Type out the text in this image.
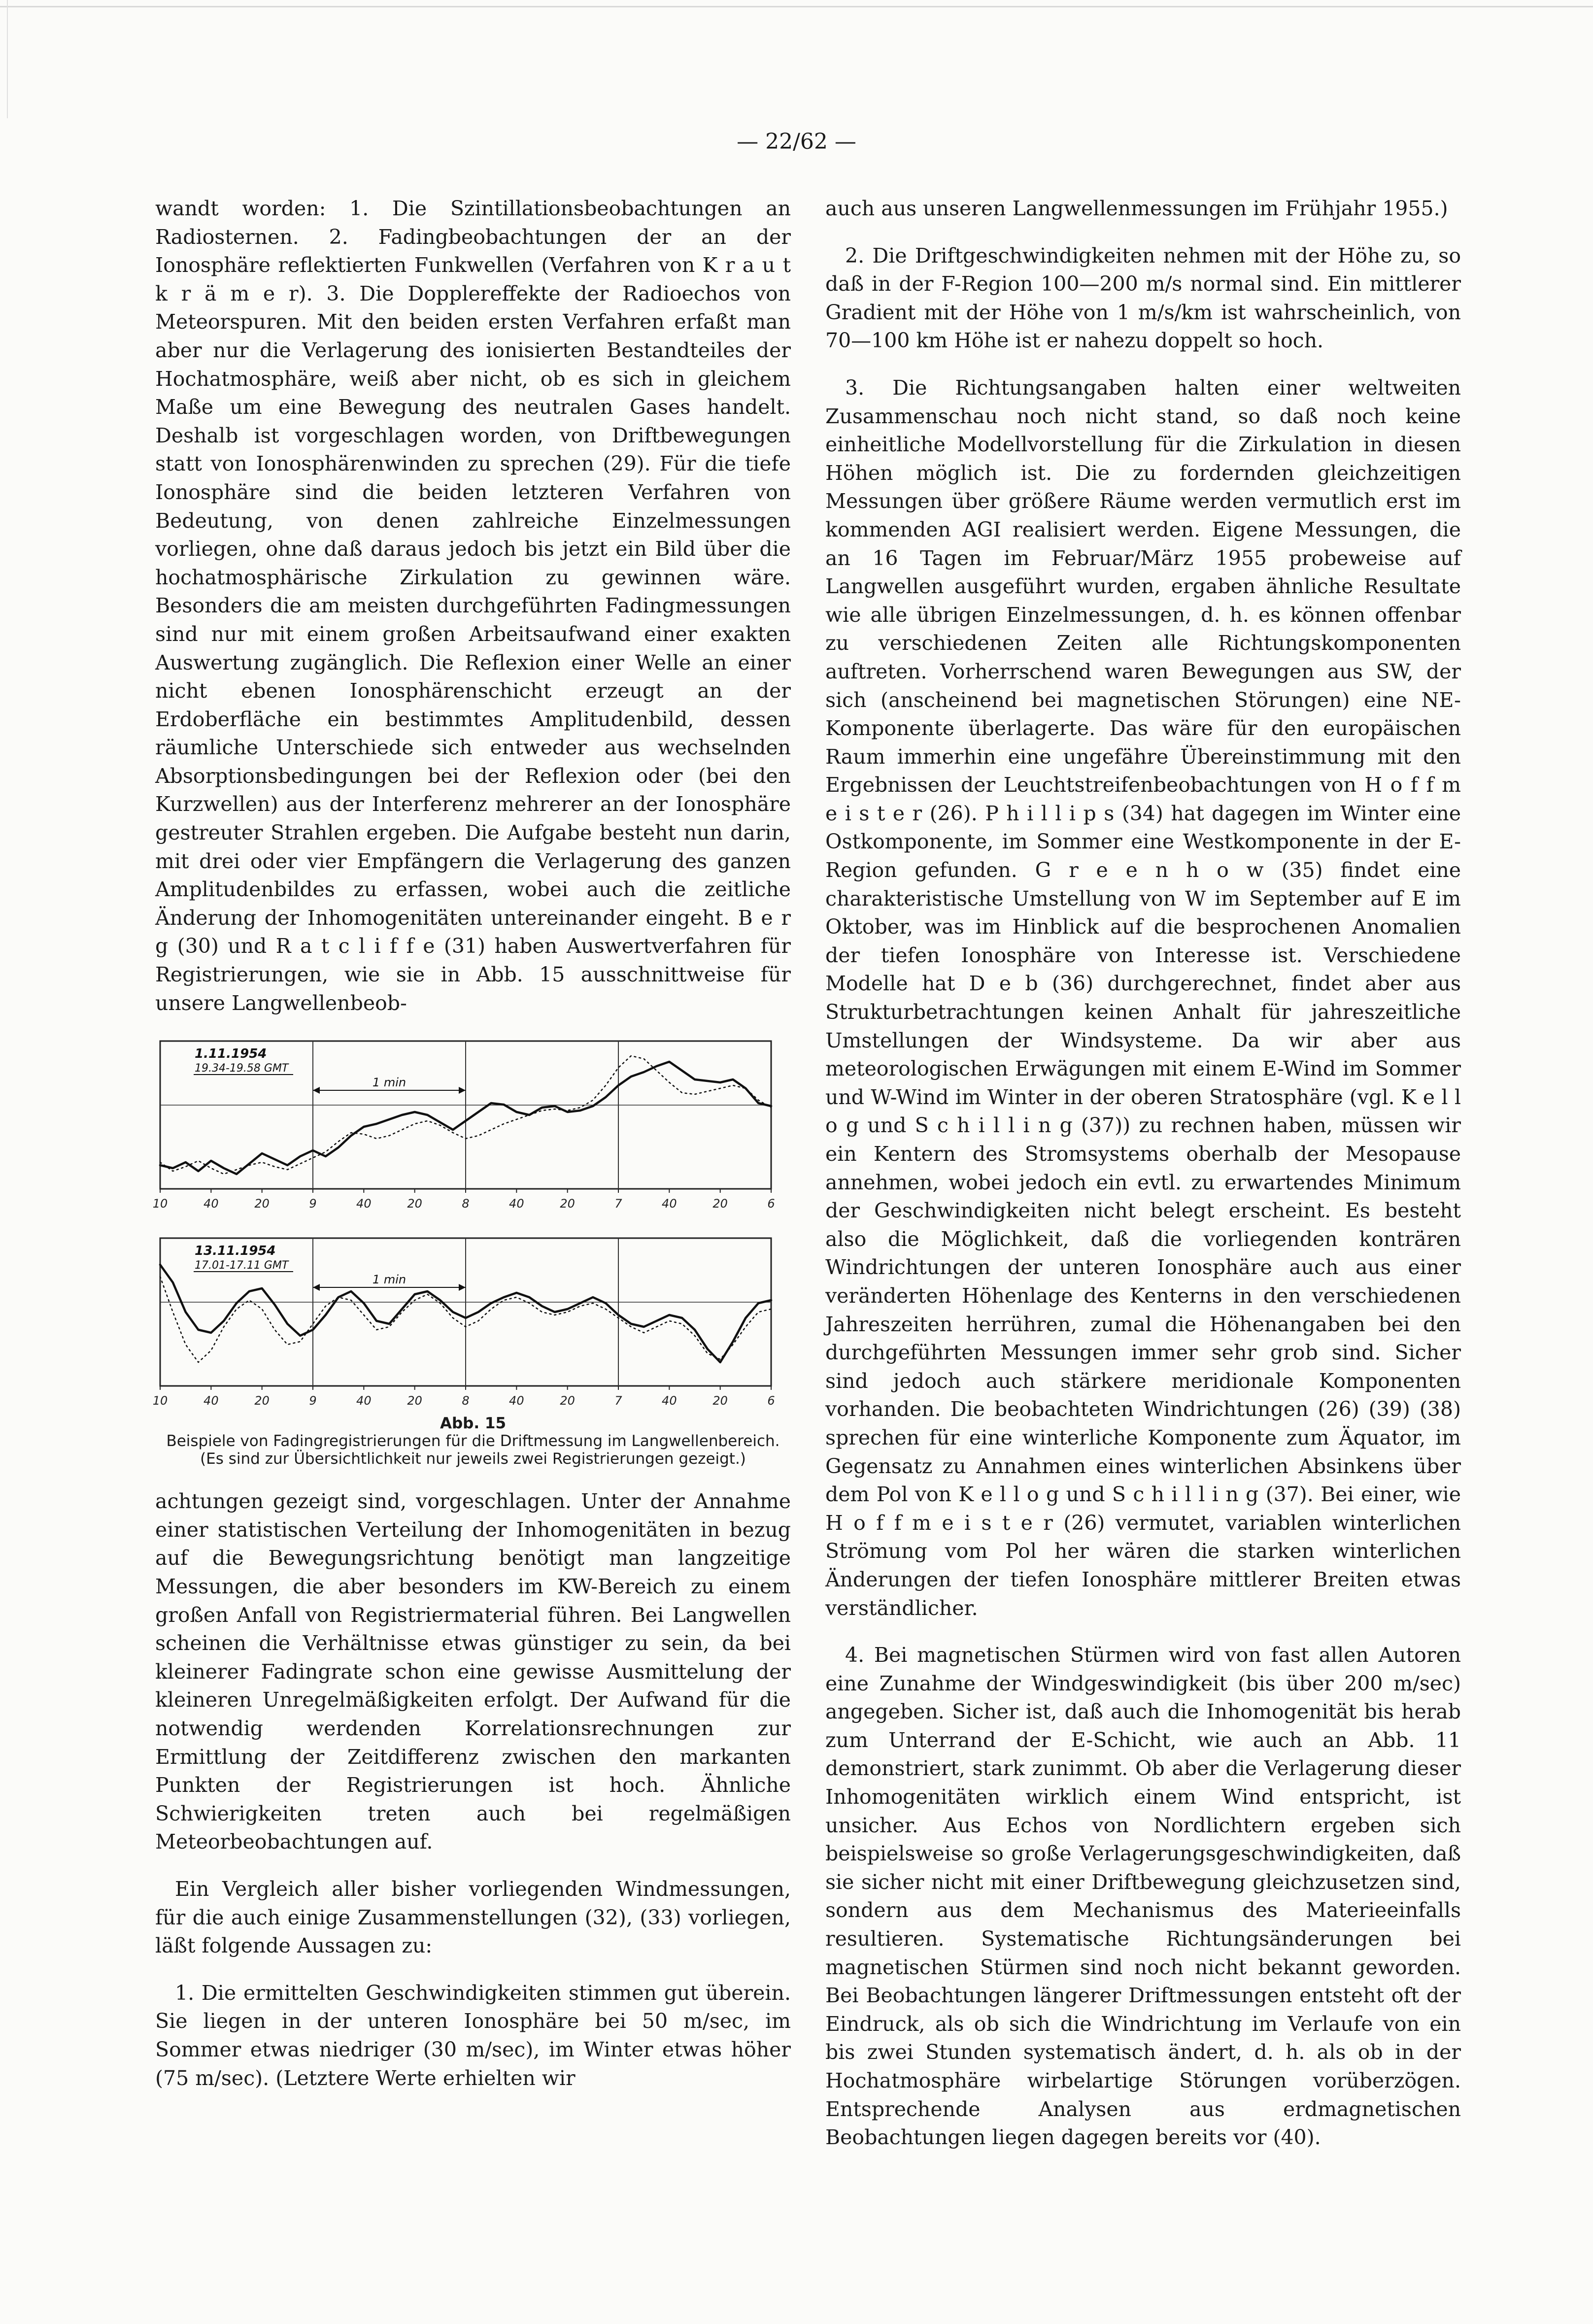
— 22/62 —

wandt worden: 1. Die Szintillationsbeobachtungen an Radiosternen. 2. Fadingbeobachtungen der an der Ionosphäre reflektierten Funkwellen (Verfahren von K r a u t k r ä m e r). 3. Die Dopplereffekte der Radioechos von Meteorspuren. Mit den beiden ersten Verfahren erfaßt man aber nur die Verlagerung des ionisierten Bestandteiles der Hochatmosphäre, weiß aber nicht, ob es sich in gleichem Maße um eine Bewegung des neutralen Gases handelt. Deshalb ist vorgeschlagen worden, von Driftbewegungen statt von Ionosphärenwinden zu sprechen (29). Für die tiefe Ionosphäre sind die beiden letzteren Verfahren von Bedeutung, von denen zahlreiche Einzelmessungen vorliegen, ohne daß daraus jedoch bis jetzt ein Bild über die hochatmosphärische Zirkulation zu gewinnen wäre. Besonders die am meisten durchgeführten Fadingmessungen sind nur mit einem großen Arbeitsaufwand einer exakten Auswertung zugänglich. Die Reflexion einer Welle an einer nicht ebenen Ionosphärenschicht erzeugt an der Erdoberfläche ein bestimmtes Amplitudenbild, dessen räumliche Unterschiede sich entweder aus wechselnden Absorptionsbedingungen bei der Reflexion oder (bei den Kurzwellen) aus der Interferenz mehrerer an der Ionosphäre gestreuter Strahlen ergeben. Die Aufgabe besteht nun darin, mit drei oder vier Empfängern die Verlagerung des ganzen Amplitudenbildes zu erfassen, wobei auch die zeitliche Änderung der Inhomogenitäten untereinander eingeht. B e r g (30) und R a t c l i f f e (31) haben Auswertverfahren für Registrierungen, wie sie in Abb. 15 ausschnittweise für unsere Langwellenbeob-

10	40	20	9	40	20	8	40	20	7	40	20	6
1.11.1954
19.34-19.58 GMT
1 min
10	40	20	9	40	20	8	40	20	7	40	20	6
13.11.1954
17.01-17.11 GMT
1 min
Abb. 15
Beispiele von Fadingregistrierungen für die Driftmessung im Langwellenbereich. (Es sind zur Übersichtlichkeit nur jeweils zwei Registrierungen gezeigt.)

achtungen gezeigt sind, vorgeschlagen. Unter der Annahme einer statistischen Verteilung der Inhomogenitäten in bezug auf die Bewegungsrichtung benötigt man langzeitige Messungen, die aber besonders im KW-Bereich zu einem großen Anfall von Registriermaterial führen. Bei Langwellen scheinen die Verhältnisse etwas günstiger zu sein, da bei kleinerer Fadingrate schon eine gewisse Ausmittelung der kleineren Unregelmäßigkeiten erfolgt. Der Aufwand für die notwendig werdenden Korrelationsrechnungen zur Ermittlung der Zeitdifferenz zwischen den markanten Punkten der Registrierungen ist hoch. Ähnliche Schwierigkeiten treten auch bei regelmäßigen Meteorbeobachtungen auf.

Ein Vergleich aller bisher vorliegenden Windmessungen, für die auch einige Zusammenstellungen (32), (33) vorliegen, läßt folgende Aussagen zu:

1. Die ermittelten Geschwindigkeiten stimmen gut überein. Sie liegen in der unteren Ionosphäre bei 50 m/sec, im Sommer etwas niedriger (30 m/sec), im Winter etwas höher (75 m/sec). (Letztere Werte erhielten wir

auch aus unseren Langwellenmessungen im Frühjahr 1955.)

2. Die Driftgeschwindigkeiten nehmen mit der Höhe zu, so daß in der F-Region 100—200 m/s normal sind. Ein mittlerer Gradient mit der Höhe von 1 m/s/km ist wahrscheinlich, von 70—100 km Höhe ist er nahezu doppelt so hoch.

3. Die Richtungsangaben halten einer weltweiten Zusammenschau noch nicht stand, so daß noch keine einheitliche Modellvorstellung für die Zirkulation in diesen Höhen möglich ist. Die zu fordernden gleichzeitigen Messungen über größere Räume werden vermutlich erst im kommenden AGI realisiert werden. Eigene Messungen, die an 16 Tagen im Februar/März 1955 probeweise auf Langwellen ausgeführt wurden, ergaben ähnliche Resultate wie alle übrigen Einzelmessungen, d. h. es können offenbar zu verschiedenen Zeiten alle Richtungskomponenten auftreten. Vorherrschend waren Bewegungen aus SW, der sich (anscheinend bei magnetischen Störungen) eine NE-Komponente überlagerte. Das wäre für den europäischen Raum immerhin eine ungefähre Übereinstimmung mit den Ergebnissen der Leuchtstreifenbeobachtungen von H o f f m e i s t e r (26). P h i l l i p s (34) hat dagegen im Winter eine Ostkomponente, im Sommer eine Westkomponente in der E-Region gefunden. G r e e n h o w (35) findet eine charakteristische Umstellung von W im September auf E im Oktober, was im Hinblick auf die besprochenen Anomalien der tiefen Ionosphäre von Interesse ist. Verschiedene Modelle hat D e b (36) durchgerechnet, findet aber aus Strukturbetrachtungen keinen Anhalt für jahreszeitliche Umstellungen der Windsysteme. Da wir aber aus meteorologischen Erwägungen mit einem E-Wind im Sommer und W-Wind im Winter in der oberen Stratosphäre (vgl. K e l l o g und S c h i l l i n g (37)) zu rechnen haben, müssen wir ein Kentern des Stromsystems oberhalb der Mesopause annehmen, wobei jedoch ein evtl. zu erwartendes Minimum der Geschwindigkeiten nicht belegt erscheint. Es besteht also die Möglichkeit, daß die vorliegenden konträren Windrichtungen der unteren Ionosphäre auch aus einer veränderten Höhenlage des Kenterns in den verschiedenen Jahreszeiten herrühren, zumal die Höhenangaben bei den durchgeführten Messungen immer sehr grob sind. Sicher sind jedoch auch stärkere meridionale Komponenten vorhanden. Die beobachteten Windrichtungen (26) (39) (38) sprechen für eine winterliche Komponente zum Äquator, im Gegensatz zu Annahmen eines winterlichen Absinkens über dem Pol von K e l l o g und S c h i l l i n g (37). Bei einer, wie H o f f m e i s t e r (26) vermutet, variablen winterlichen Strömung vom Pol her wären die starken winterlichen Änderungen der tiefen Ionosphäre mittlerer Breiten etwas verständlicher.

4. Bei magnetischen Stürmen wird von fast allen Autoren eine Zunahme der Windgeswindigkeit (bis über 200 m/sec) angegeben. Sicher ist, daß auch die Inhomogenität bis herab zum Unterrand der E-Schicht, wie auch an Abb. 11 demonstriert, stark zunimmt. Ob aber die Verlagerung dieser Inhomogenitäten wirklich einem Wind entspricht, ist unsicher. Aus Echos von Nordlichtern ergeben sich beispielsweise so große Verlagerungsgeschwindigkeiten, daß sie sicher nicht mit einer Driftbewegung gleichzusetzen sind, sondern aus dem Mechanismus des Materieeinfalls resultieren. Systematische Richtungsänderungen bei magnetischen Stürmen sind noch nicht bekannt geworden. Bei Beobachtungen längerer Driftmessungen entsteht oft der Eindruck, als ob sich die Windrichtung im Verlaufe von ein bis zwei Stunden systematisch ändert, d. h. als ob in der Hochatmosphäre wirbelartige Störungen vorüberzögen. Entsprechende Analysen aus erdmagnetischen Beobachtungen liegen dagegen bereits vor (40).
